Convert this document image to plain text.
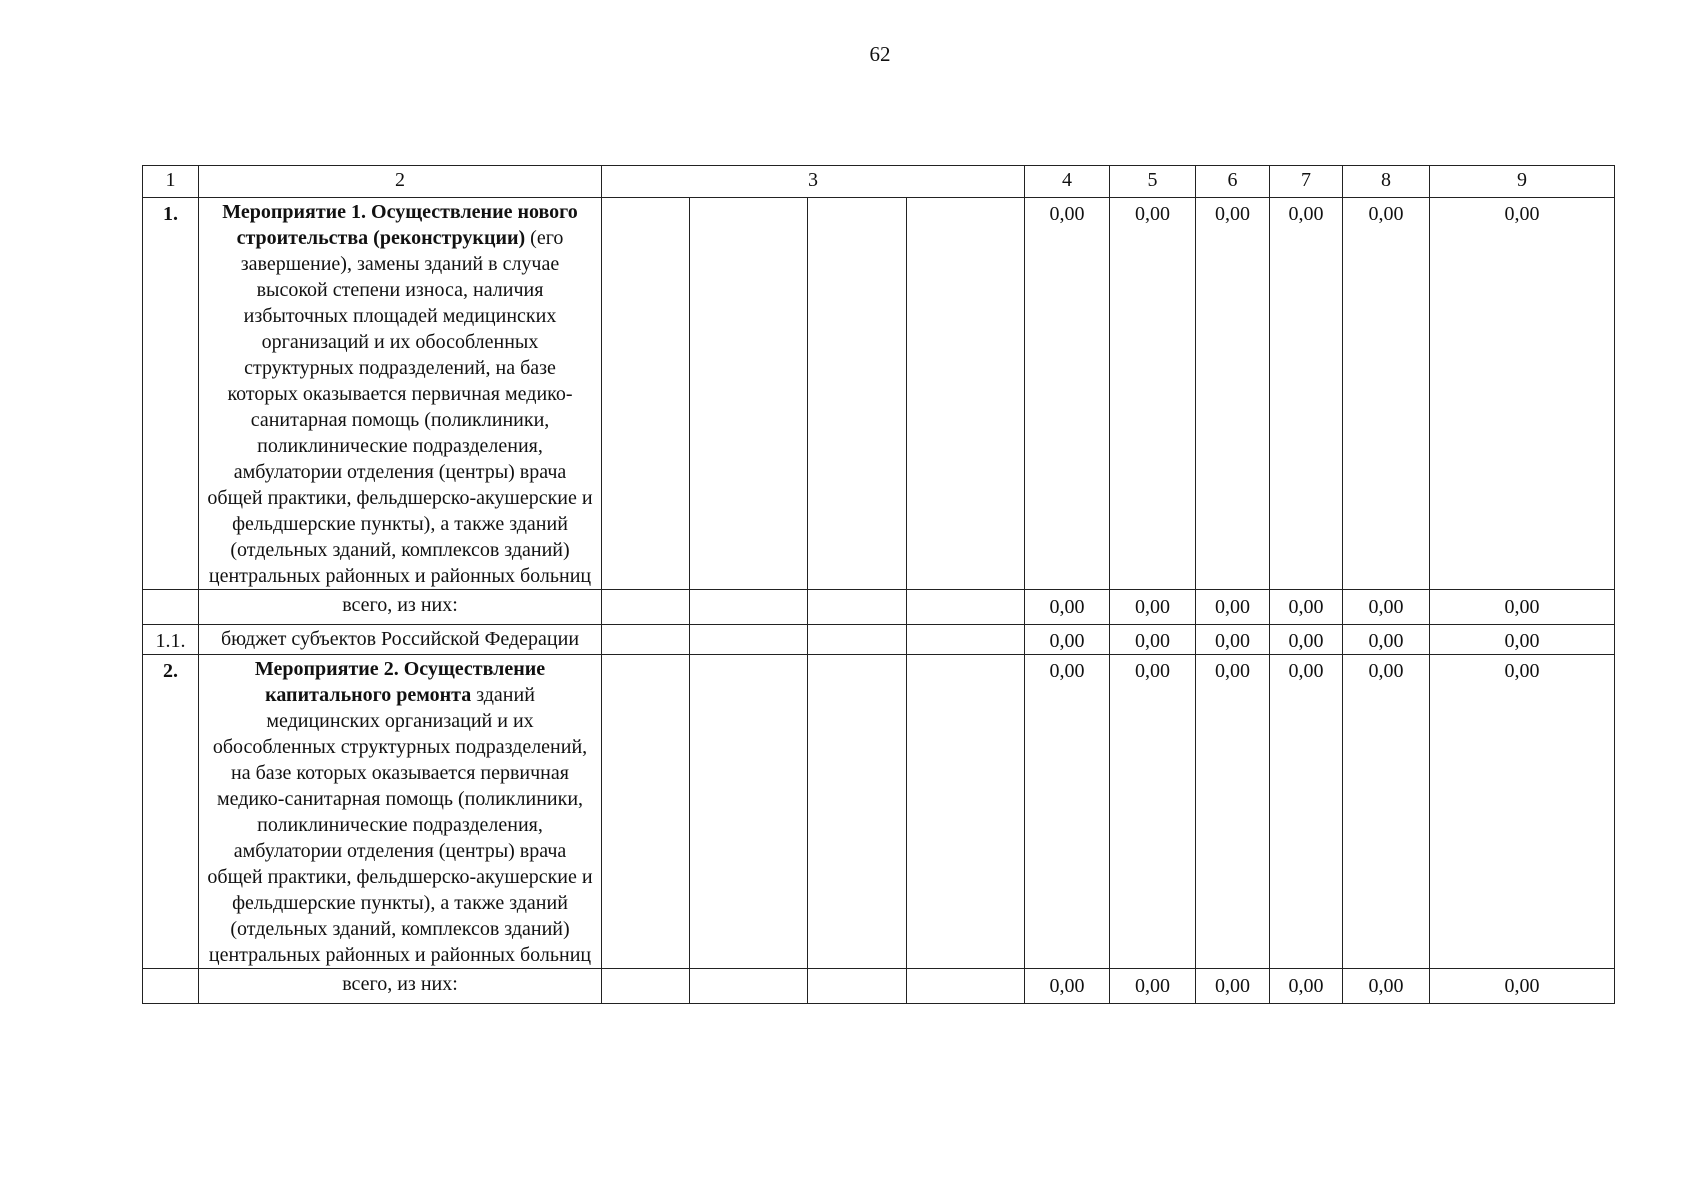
62
1	2	3				4	5	6	7	8	9
1.	Мероприятие 1. Осуществление нового строительства (реконструкции) (его завершение), замены зданий в случае высокой степени износа, наличия избыточных площадей медицинских организаций и их обособленных структурных подразделений, на базе которых оказывается первичная медико-санитарная помощь (поликлиники, поликлинические подразделения, амбулатории отделения (центры) врача общей практики, фельдшерско-акушерские и фельдшерские пункты), а также зданий (отдельных зданий, комплексов зданий) центральных районных и районных больниц					0,00	0,00	0,00	0,00	0,00	0,00
	всего, из них:					0,00	0,00	0,00	0,00	0,00	0,00
1.1.	бюджет субъектов Российской Федерации					0,00	0,00	0,00	0,00	0,00	0,00
2.	Мероприятие 2. Осуществление капитального ремонта зданий медицинских организаций и их обособленных структурных подразделений, на базе которых оказывается первичная медико-санитарная помощь (поликлиники, поликлинические подразделения, амбулатории отделения (центры) врача общей практики, фельдшерско-акушерские и фельдшерские пункты), а также зданий (отдельных зданий, комплексов зданий) центральных районных и районных больниц					0,00	0,00	0,00	0,00	0,00	0,00
	всего, из них:					0,00	0,00	0,00	0,00	0,00	0,00
